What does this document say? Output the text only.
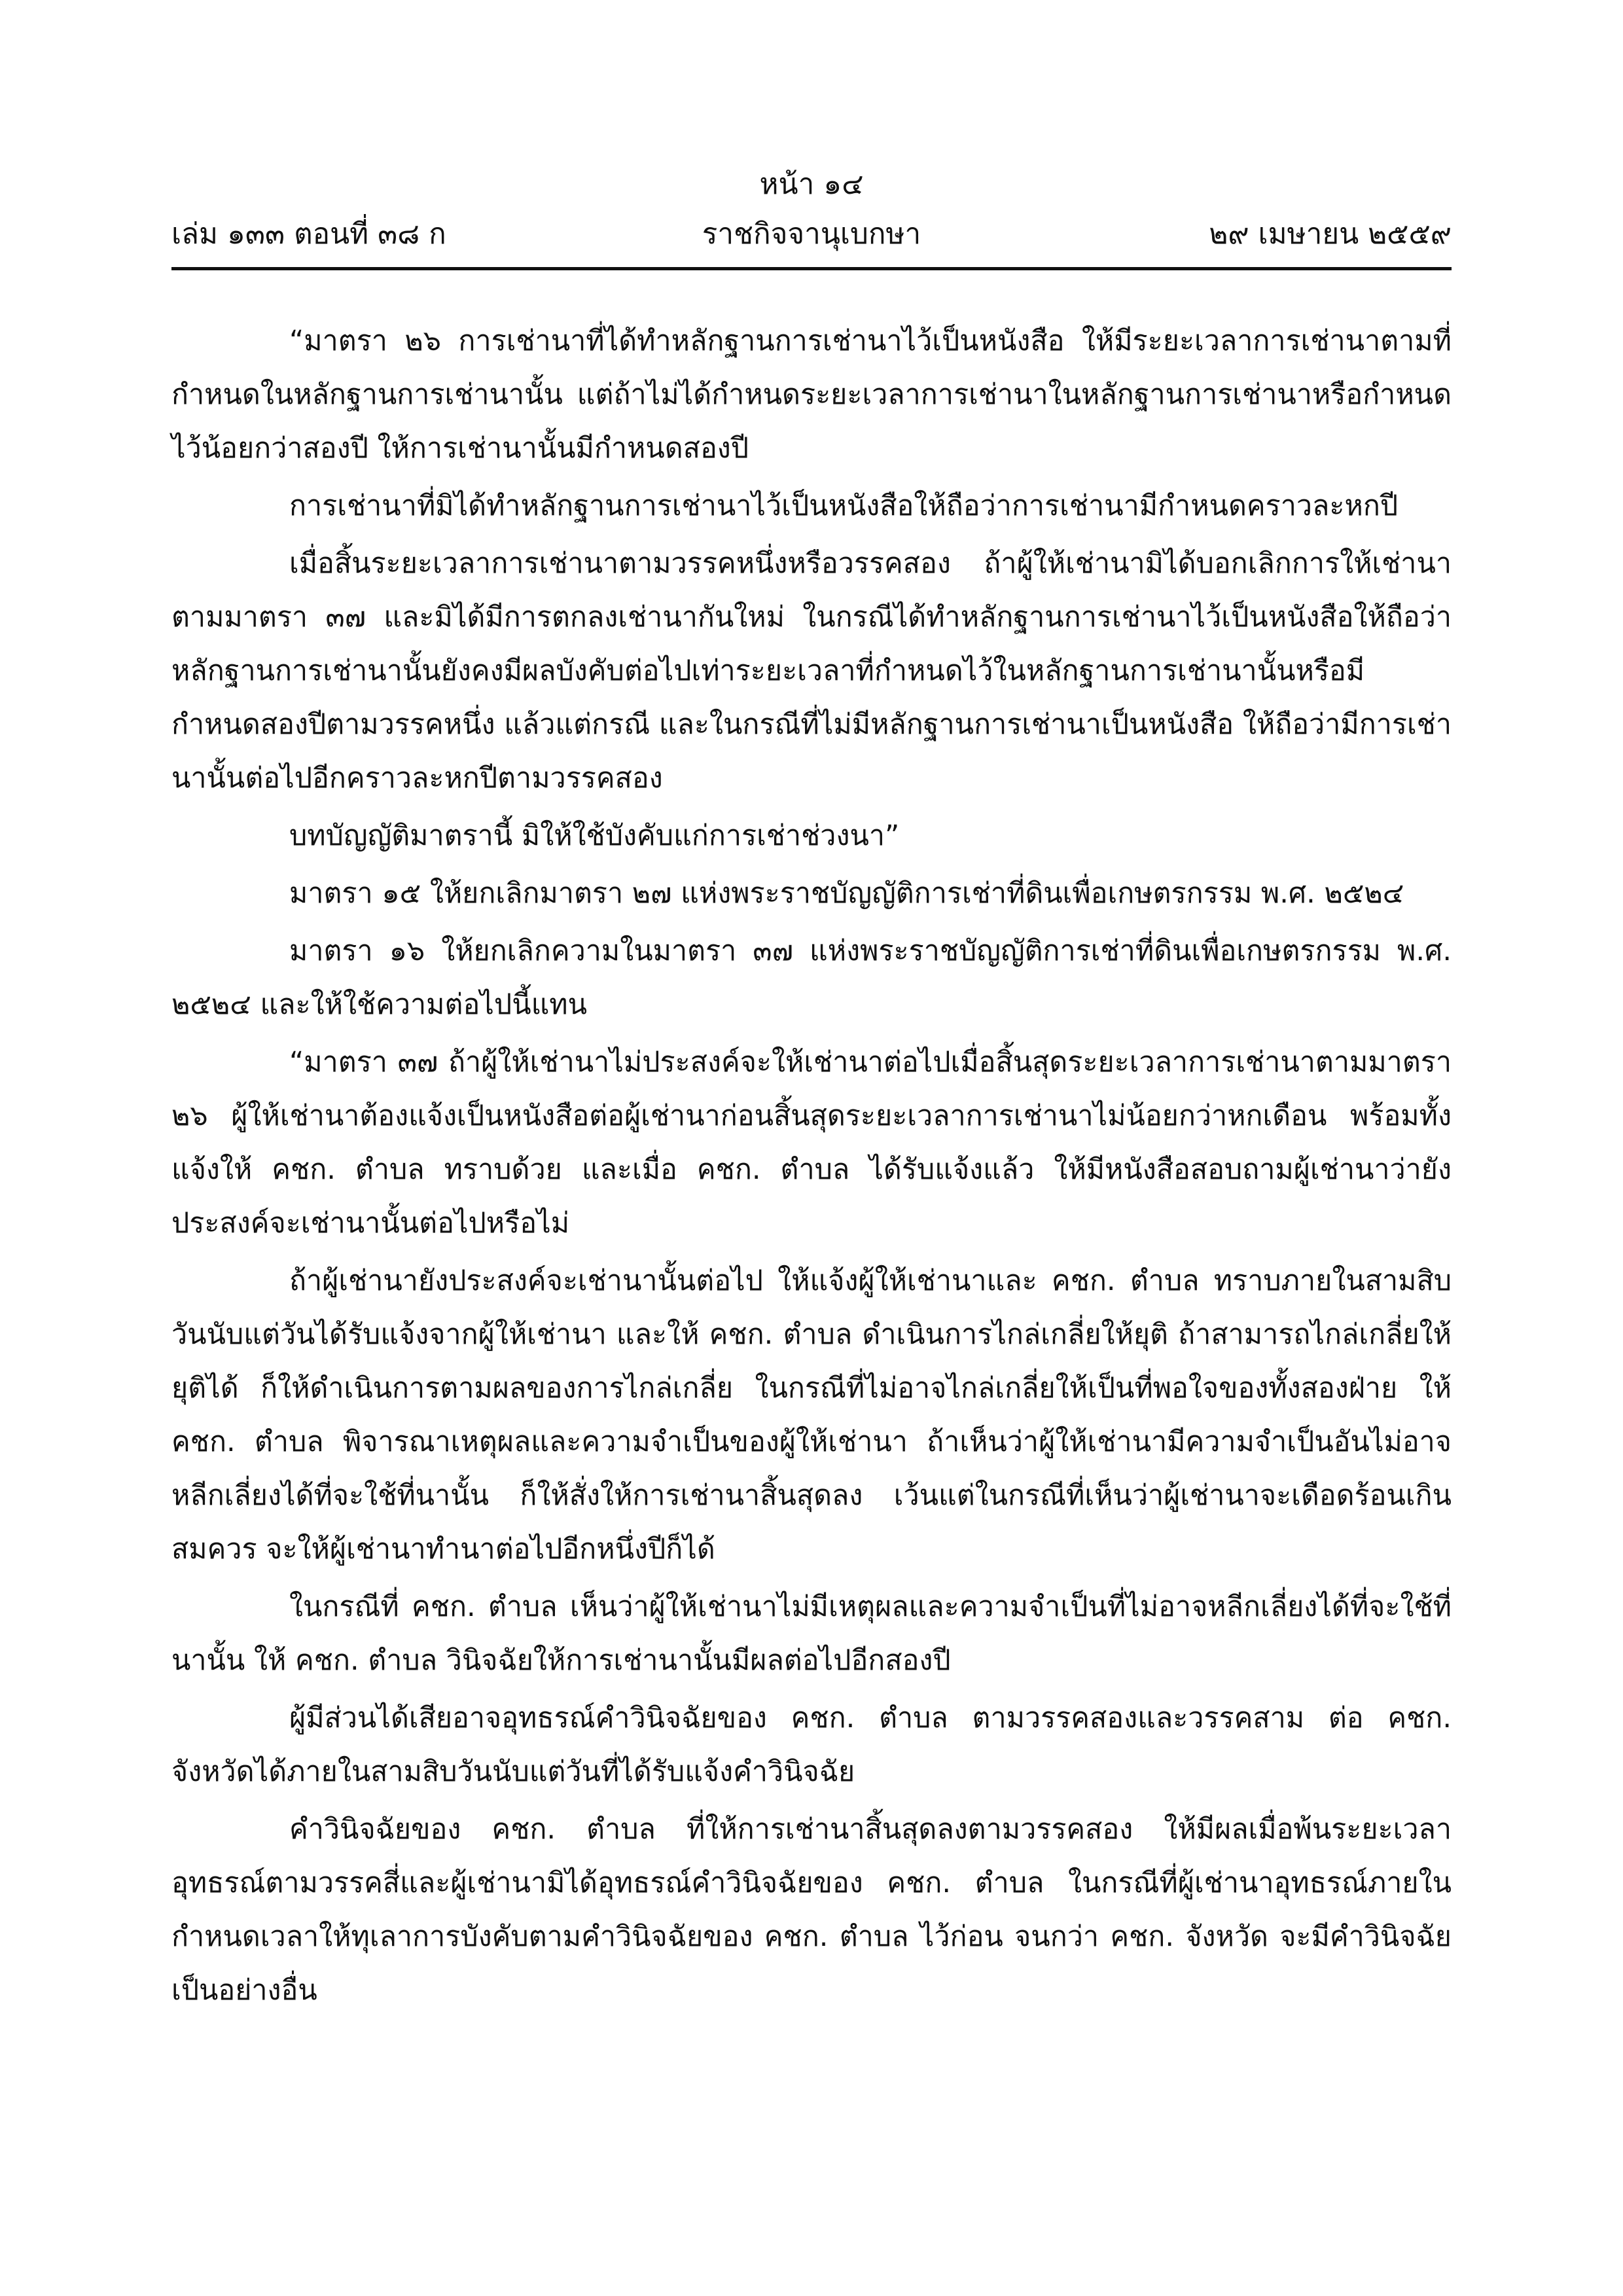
หน้า ๑๔
เล่ม ๑๓๓ ตอนที่ ๓๘ ก	ราชกิจจานุเบกษา	๒๙ เมษายน ๒๕๕๙

“มาตรา ๒๖ การเช่านาที่ได้ทำหลักฐานการเช่านาไว้เป็นหนังสือ ให้มีระยะเวลาการเช่านาตามที่กำหนดในหลักฐานการเช่านานั้น แต่ถ้าไม่ได้กำหนดระยะเวลาการเช่านาในหลักฐานการเช่านาหรือกำหนดไว้น้อยกว่าสองปี ให้การเช่านานั้นมีกำหนดสองปี

การเช่านาที่มิได้ทำหลักฐานการเช่านาไว้เป็นหนังสือให้ถือว่าการเช่านามีกำหนดคราวละหกปี

เมื่อสิ้นระยะเวลาการเช่านาตามวรรคหนึ่งหรือวรรคสอง ถ้าผู้ให้เช่านามิได้บอกเลิกการให้เช่านาตามมาตรา ๓๗ และมิได้มีการตกลงเช่านากันใหม่ ในกรณีได้ทำหลักฐานการเช่านาไว้เป็นหนังสือให้ถือว่าหลักฐานการเช่านานั้นยังคงมีผลบังคับต่อไปเท่าระยะเวลาที่กำหนดไว้ในหลักฐานการเช่านานั้นหรือมีกำหนดสองปีตามวรรคหนึ่ง แล้วแต่กรณี และในกรณีที่ไม่มีหลักฐานการเช่านาเป็นหนังสือ ให้ถือว่ามีการเช่านานั้นต่อไปอีกคราวละหกปีตามวรรคสอง

บทบัญญัติมาตรานี้ มิให้ใช้บังคับแก่การเช่าช่วงนา”

มาตรา ๑๕ ให้ยกเลิกมาตรา ๒๗ แห่งพระราชบัญญัติการเช่าที่ดินเพื่อเกษตรกรรม พ.ศ. ๒๕๒๔

มาตรา ๑๖ ให้ยกเลิกความในมาตรา ๓๗ แห่งพระราชบัญญัติการเช่าที่ดินเพื่อเกษตรกรรม พ.ศ. ๒๕๒๔ และให้ใช้ความต่อไปนี้แทน

“มาตรา ๓๗ ถ้าผู้ให้เช่านาไม่ประสงค์จะให้เช่านาต่อไปเมื่อสิ้นสุดระยะเวลาการเช่านาตามมาตรา ๒๖ ผู้ให้เช่านาต้องแจ้งเป็นหนังสือต่อผู้เช่านาก่อนสิ้นสุดระยะเวลาการเช่านาไม่น้อยกว่าหกเดือน พร้อมทั้งแจ้งให้ คชก. ตำบล ทราบด้วย และเมื่อ คชก. ตำบล ได้รับแจ้งแล้ว ให้มีหนังสือสอบถามผู้เช่านาว่ายังประสงค์จะเช่านานั้นต่อไปหรือไม่

ถ้าผู้เช่านายังประสงค์จะเช่านานั้นต่อไป ให้แจ้งผู้ให้เช่านาและ คชก. ตำบล ทราบภายในสามสิบวันนับแต่วันได้รับแจ้งจากผู้ให้เช่านา และให้ คชก. ตำบล ดำเนินการไกล่เกลี่ยให้ยุติ ถ้าสามารถไกล่เกลี่ยให้ยุติได้ ก็ให้ดำเนินการตามผลของการไกล่เกลี่ย ในกรณีที่ไม่อาจไกล่เกลี่ยให้เป็นที่พอใจของทั้งสองฝ่าย ให้ คชก. ตำบล พิจารณาเหตุผลและความจำเป็นของผู้ให้เช่านา ถ้าเห็นว่าผู้ให้เช่านามีความจำเป็นอันไม่อาจหลีกเลี่ยงได้ที่จะใช้ที่นานั้น ก็ให้สั่งให้การเช่านาสิ้นสุดลง เว้นแต่ในกรณีที่เห็นว่าผู้เช่านาจะเดือดร้อนเกินสมควร จะให้ผู้เช่านาทำนาต่อไปอีกหนึ่งปีก็ได้

ในกรณีที่ คชก. ตำบล เห็นว่าผู้ให้เช่านาไม่มีเหตุผลและความจำเป็นที่ไม่อาจหลีกเลี่ยงได้ที่จะใช้ที่นานั้น ให้ คชก. ตำบล วินิจฉัยให้การเช่านานั้นมีผลต่อไปอีกสองปี

ผู้มีส่วนได้เสียอาจอุทธรณ์คำวินิจฉัยของ คชก. ตำบล ตามวรรคสองและวรรคสาม ต่อ คชก. จังหวัดได้ภายในสามสิบวันนับแต่วันที่ได้รับแจ้งคำวินิจฉัย

คำวินิจฉัยของ คชก. ตำบล ที่ให้การเช่านาสิ้นสุดลงตามวรรคสอง ให้มีผลเมื่อพ้นระยะเวลาอุทธรณ์ตามวรรคสี่และผู้เช่านามิได้อุทธรณ์คำวินิจฉัยของ คชก. ตำบล ในกรณีที่ผู้เช่านาอุทธรณ์ภายในกำหนดเวลาให้ทุเลาการบังคับตามคำวินิจฉัยของ คชก. ตำบล ไว้ก่อน จนกว่า คชก. จังหวัด จะมีคำวินิจฉัยเป็นอย่างอื่น
